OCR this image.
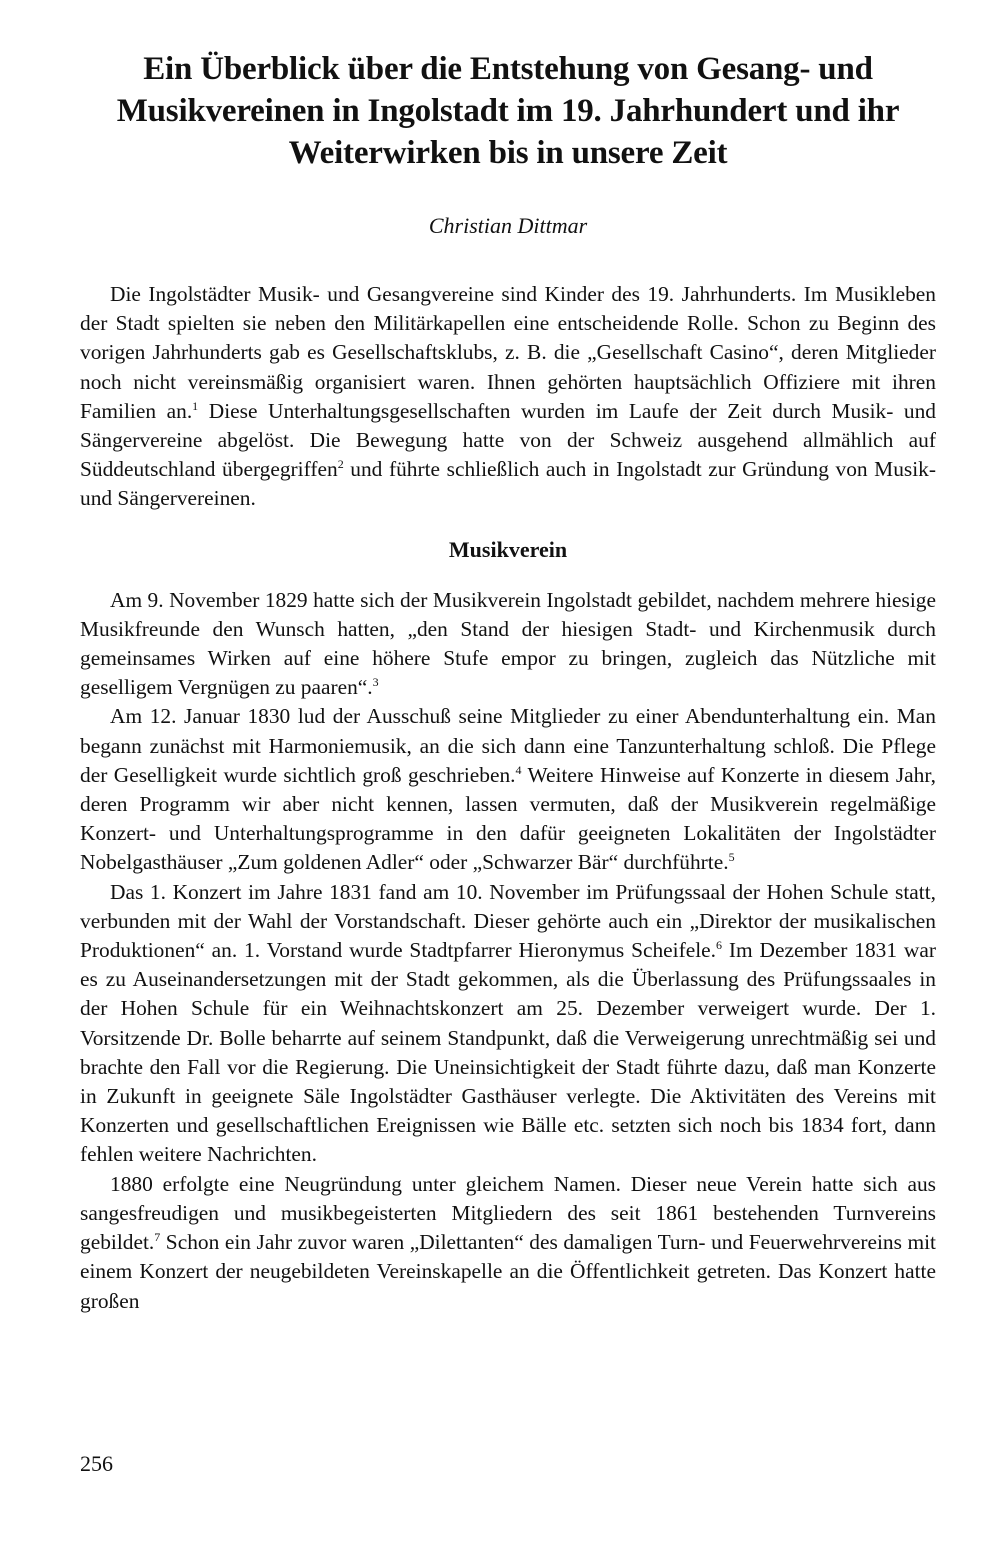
Ein Überblick über die Entstehung von Gesang- und
Musikvereinen in Ingolstadt im 19. Jahrhundert und ihr
Weiterwirken bis in unsere Zeit
Christian Dittmar

Die Ingolstädter Musik- und Gesangvereine sind Kinder des 19. Jahrhunderts. Im Musikleben der Stadt spielten sie neben den Militärkapellen eine entscheidende Rolle. Schon zu Beginn des vorigen Jahrhunderts gab es Gesellschaftsklubs, z. B. die „Gesellschaft Casino“, deren Mitglieder noch nicht vereinsmäßig organisiert waren. Ihnen gehörten hauptsächlich Offiziere mit ihren Familien an.$^1$ Diese Unterhaltungsgesellschaften wurden im Laufe der Zeit durch Musik- und Sängervereine abgelöst. Die Bewegung hatte von der Schweiz ausgehend allmählich auf Süddeutschland übergegriffen$^2$ und führte schließlich auch in Ingolstadt zur Gründung von Musik- und Sängervereinen.

Musikverein

Am 9. November 1829 hatte sich der Musikverein Ingolstadt gebildet, nachdem mehrere hiesige Musikfreunde den Wunsch hatten, „den Stand der hiesigen Stadt- und Kirchenmusik durch gemeinsames Wirken auf eine höhere Stufe empor zu bringen, zugleich das Nützliche mit geselligem Vergnügen zu paaren“.$^3$

Am 12. Januar 1830 lud der Ausschuß seine Mitglieder zu einer Abendunterhaltung ein. Man begann zunächst mit Harmoniemusik, an die sich dann eine Tanzunterhaltung schloß. Die Pflege der Geselligkeit wurde sichtlich groß geschrieben.$^4$ Weitere Hinweise auf Konzerte in diesem Jahr, deren Programm wir aber nicht kennen, lassen vermuten, daß der Musikverein regelmäßige Konzert- und Unterhaltungsprogramme in den dafür geeigneten Lokalitäten der Ingolstädter Nobelgasthäuser „Zum goldenen Adler“ oder „Schwarzer Bär“ durchführte.$^5$

Das 1. Konzert im Jahre 1831 fand am 10. November im Prüfungssaal der Hohen Schule statt, verbunden mit der Wahl der Vorstandschaft. Dieser gehörte auch ein „Direktor der musikalischen Produktionen“ an. 1. Vorstand wurde Stadtpfarrer Hieronymus Scheifele.$^6$ Im Dezember 1831 war es zu Auseinandersetzungen mit der Stadt gekommen, als die Überlassung des Prüfungssaales in der Hohen Schule für ein Weihnachtskonzert am 25. Dezember verweigert wurde. Der 1. Vorsitzende Dr. Bolle beharrte auf seinem Standpunkt, daß die Verweigerung unrechtmäßig sei und brachte den Fall vor die Regierung. Die Uneinsichtigkeit der Stadt führte dazu, daß man Konzerte in Zukunft in geeignete Säle Ingolstädter Gasthäuser verlegte. Die Aktivitäten des Vereins mit Konzerten und gesellschaftlichen Ereignissen wie Bälle etc. setzten sich noch bis 1834 fort, dann fehlen weitere Nachrichten.

1880 erfolgte eine Neugründung unter gleichem Namen. Dieser neue Verein hatte sich aus sangesfreudigen und musikbegeisterten Mitgliedern des seit 1861 bestehenden Turnvereins gebildet.$^7$ Schon ein Jahr zuvor waren „Dilettanten“ des damaligen Turn- und Feuerwehrvereins mit einem Konzert der neugebildeten Vereinskapelle an die Öffentlichkeit getreten. Das Konzert hatte großen

256
